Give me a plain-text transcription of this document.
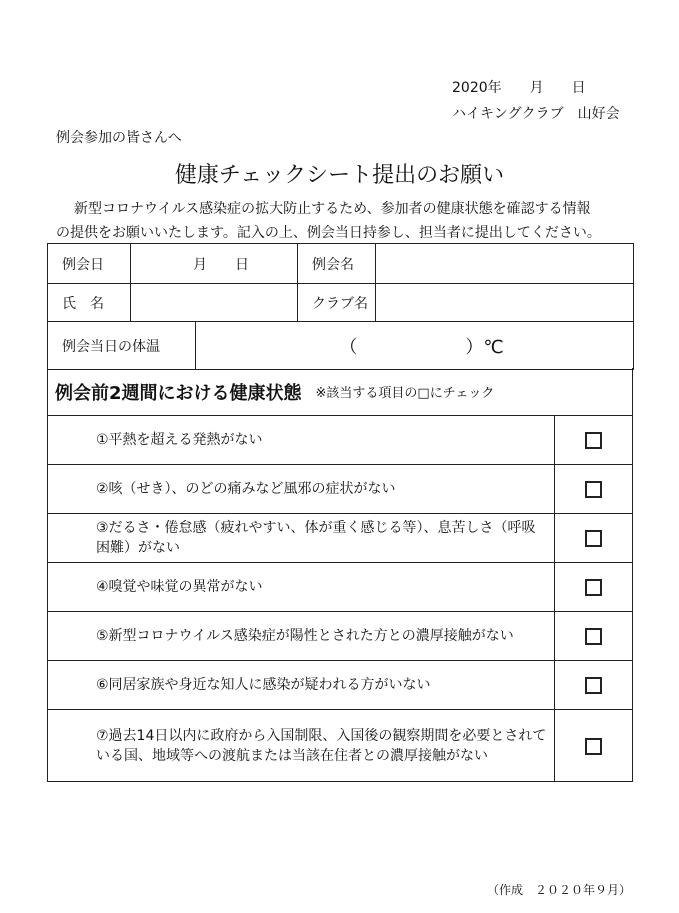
2020年　　月　　日
ハイキングクラブ　山好会
例会参加の皆さんへ
健康チェックシート提出のお願い

新型コロナウイルス感染症の拡大防止するため、参加者の健康状態を確認する情報

の提供をお願いいたします。記入の上、例会当日持参し、担当者に提出してください。

例会日	月　　日		例会名	
氏　名			クラブ名	
例会当日の体温		（　　　　　　）℃		
例会前2週間における健康状態 ※該当する項目の□にチェック
①平熱を超える発熱がない
②咳（せき）、のどの痛みなど風邪の症状がない
③だるさ・倦怠感（疲れやすい、体が重く感じる等）、息苦しさ（呼吸困難）がない
④嗅覚や味覚の異常がない
⑤新型コロナウイルス感染症が陽性とされた方との濃厚接触がない
⑥同居家族や身近な知人に感染が疑われる方がいない
⑦過去14日以内に政府から入国制限、入国後の観察期間を必要とされている国、地域等への渡航または当該在住者との濃厚接触がない
（作成　２０２０年９月）
